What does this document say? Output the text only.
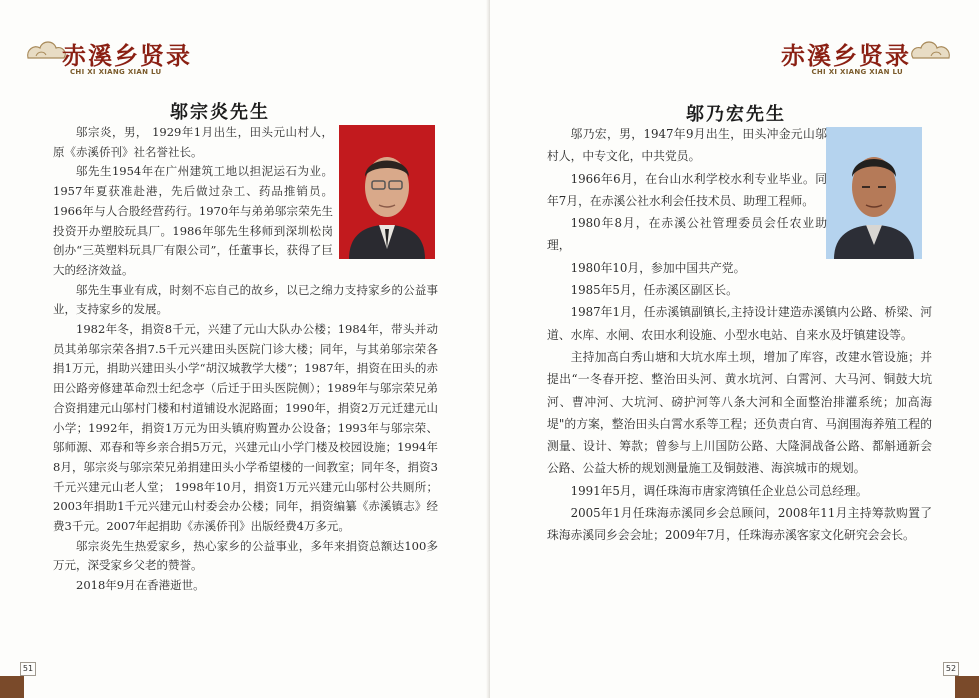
赤溪乡贤录
CHI XI XIANG XIAN LU
邬宗炎先生

邬宗炎，男， 1929年1月出生，田头元山村人，原《赤溪侨刊》社名誉社长。

邬先生1954年在广州建筑工地以担泥运石为业。1957年夏获准赴港，先后做过杂工、药品推销员。1966年与人合股经营药行。1970年与弟弟邬宗荣先生投资开办塑胶玩具厂。1986年邬先生移师到深圳松岗创办“三英塑料玩具厂有限公司”，任董事长，获得了巨大的经济效益。

邬先生事业有成，时刻不忘自己的故乡，以已之绵力支持家乡的公益事业，支持家乡的发展。

1982年冬，捐资8千元，兴建了元山大队办公楼；1984年，带头并动员其弟邬宗荣各捐7.5千元兴建田头医院门诊大楼；同年，与其弟邬宗荣各捐1万元，捐助兴建田头小学“胡汉城教学大楼”；1987年，捐资在田头的赤田公路旁修建革命烈士纪念亭（后迁于田头医院侧）；1989年与邬宗荣兄弟合资捐建元山邬村门楼和村道铺设水泥路面；1990年，捐资2万元迁建元山小学；1992年，捐资1万元为田头镇府购置办公设备；1993年与邬宗荣、邬师源、邓春和等乡亲合捐5万元，兴建元山小学门楼及校园设施；1994年8月，邬宗炎与邬宗荣兄弟捐建田头小学希望楼的一间教室；同年冬，捐资3千元兴建元山老人堂； 1998年10月，捐资1万元兴建元山邬村公共厕所；2003年捐助1千元兴建元山村委会办公楼；同年，捐资编纂《赤溪镇志》经费3千元。2007年起捐助《赤溪侨刊》出版经费4万多元。

邬宗炎先生热爱家乡，热心家乡的公益事业，多年来捐资总额达100多万元，深受家乡父老的赞誉。

2018年9月在香港逝世。

51
赤溪乡贤录
CHI XI XIANG XIAN LU
邬乃宏先生

邬乃宏，男，1947年9月出生，田头冲金元山邬村人，中专文化，中共党员。

1966年6月，在台山水利学校水利专业毕业。同年7月，在赤溪公社水利会任技术员、助理工程师。

1980年8月，在赤溪公社管理委员会任农业助理，

1980年10月，参加中国共产党。

1985年5月，任赤溪区副区长。

1987年1月，任赤溪镇副镇长,主持设计建造赤溪镇内公路、桥梁、河道、水库、水闸、农田水利设施、小型水电站、自来水及圩镇建设等。

主持加高白秀山塘和大坑水库土坝，增加了库容，改建水管设施；并提出“一冬春开挖、整治田头河、黄水坑河、白霄河、大马河、铜鼓大坑河、曹冲河、大坑河、磅护河等八条大河和全面整治排灌系统；加高海堤"的方案，整治田头白霄水系等工程；还负责白宵、马润围海养殖工程的测量、设计、筹款；曾参与上川国防公路、大隆洞战备公路、都斛通新会公路、公益大桥的规划测量施工及铜鼓港、海滨城市的规划。

1991年5月，调任珠海市唐家湾镇任企业总公司总经理。

2005年1月任珠海赤溪同乡会总顾问，2008年11月主持筹款购置了珠海赤溪同乡会会址；2009年7月，任珠海赤溪客家文化研究会会长。

52
